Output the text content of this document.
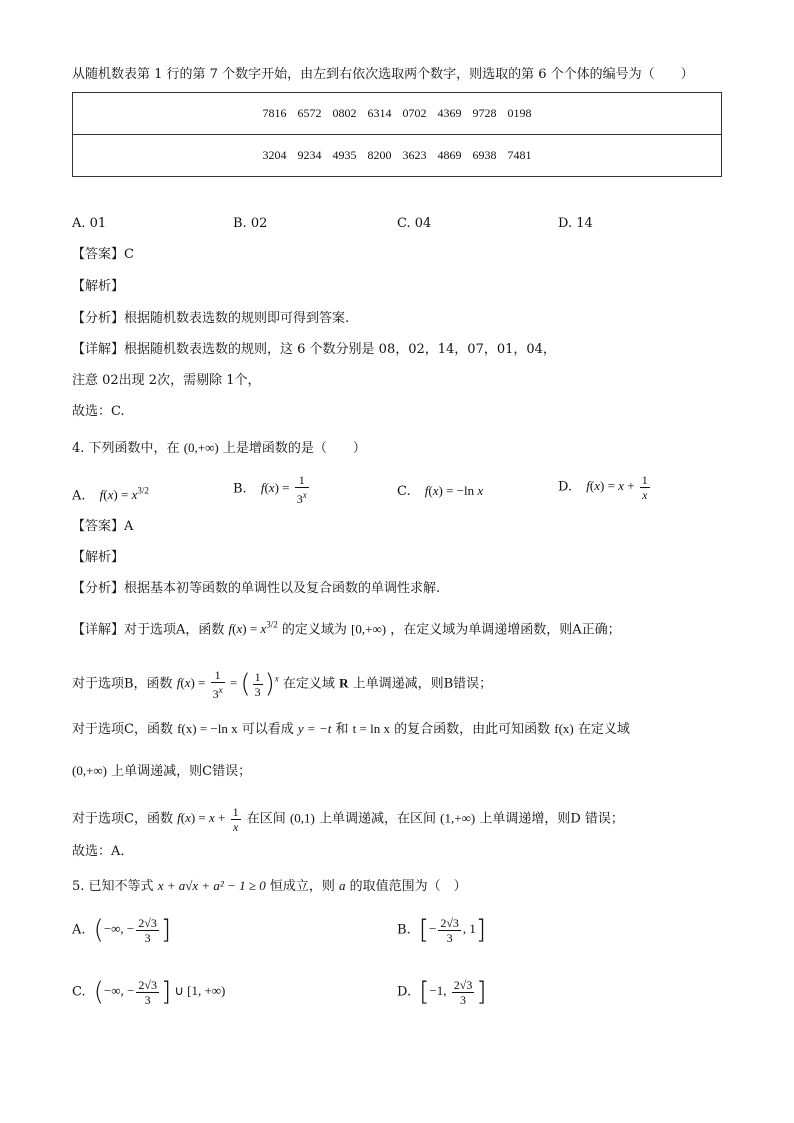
从随机数表第 1 行的第 7 个数字开始，由左到右依次选取两个数字，则选取的第 6 个个体的编号为（　　）
7816 6572 0802 6314 0702 4369 9728 0198
3204 9234 4935 8200 3623 4869 6938 7481
A. 01	B. 02	C. 04	D. 14
【答案】C
【解析】
【分析】根据随机数表选数的规则即可得到答案.
【详解】根据随机数表选数的规则，这 6 个数分别是 08，02，14，07，01，04，
注意 02出现 2次，需剔除 1个，
故选：C.
4. 下列函数中，在 (0,+∞) 上是增函数的是（　　）
A. $f(x) = x^{3/2}$	B. $f(x) = \frac{1}{3^x}$	C. f(x) = −ln x	D. $f(x) = x + \frac{1}{x}$
【答案】A
【解析】
【分析】根据基本初等函数的单调性以及复合函数的单调性求解.
【详解】对于选项A，函数 $f(x) = x^{3/2}$ 的定义域为 [0,+∞) ，在定义域为单调递增函数，则A正确；
对于选项B，函数 $f(x) = \frac{1}{3^x}$ = ( $\frac{1}{3} )^x$ 在定义域 R 上单调递减，则B错误；
对于选项C，函数 f(x) = −ln x 可以看成 y = −t 和 t = ln x 的复合函数，由此可知函数 f(x) 在定义域
(0,+∞) 上单调递减，则C错误；
对于选项C，函数 $f(x) = x + \frac{1}{x}$ 在区间 (0,1) 上单调递减，在区间 (1,+∞) 上单调递增，则D 错误；
故选：A．
5. 已知不等式 x + a√x + a² − 1 ≥ 0 恒成立，则 a 的取值范围为（　）
A. (−∞, − $\frac{2√3}{3}$ ]	B. [− $\frac{2√3}{3}$ , 1]
C. (−∞, − $\frac{2√3}{3}$ ] ∪ [1, +∞)	D. [−1, $\frac{2√3}{3}$ ]
